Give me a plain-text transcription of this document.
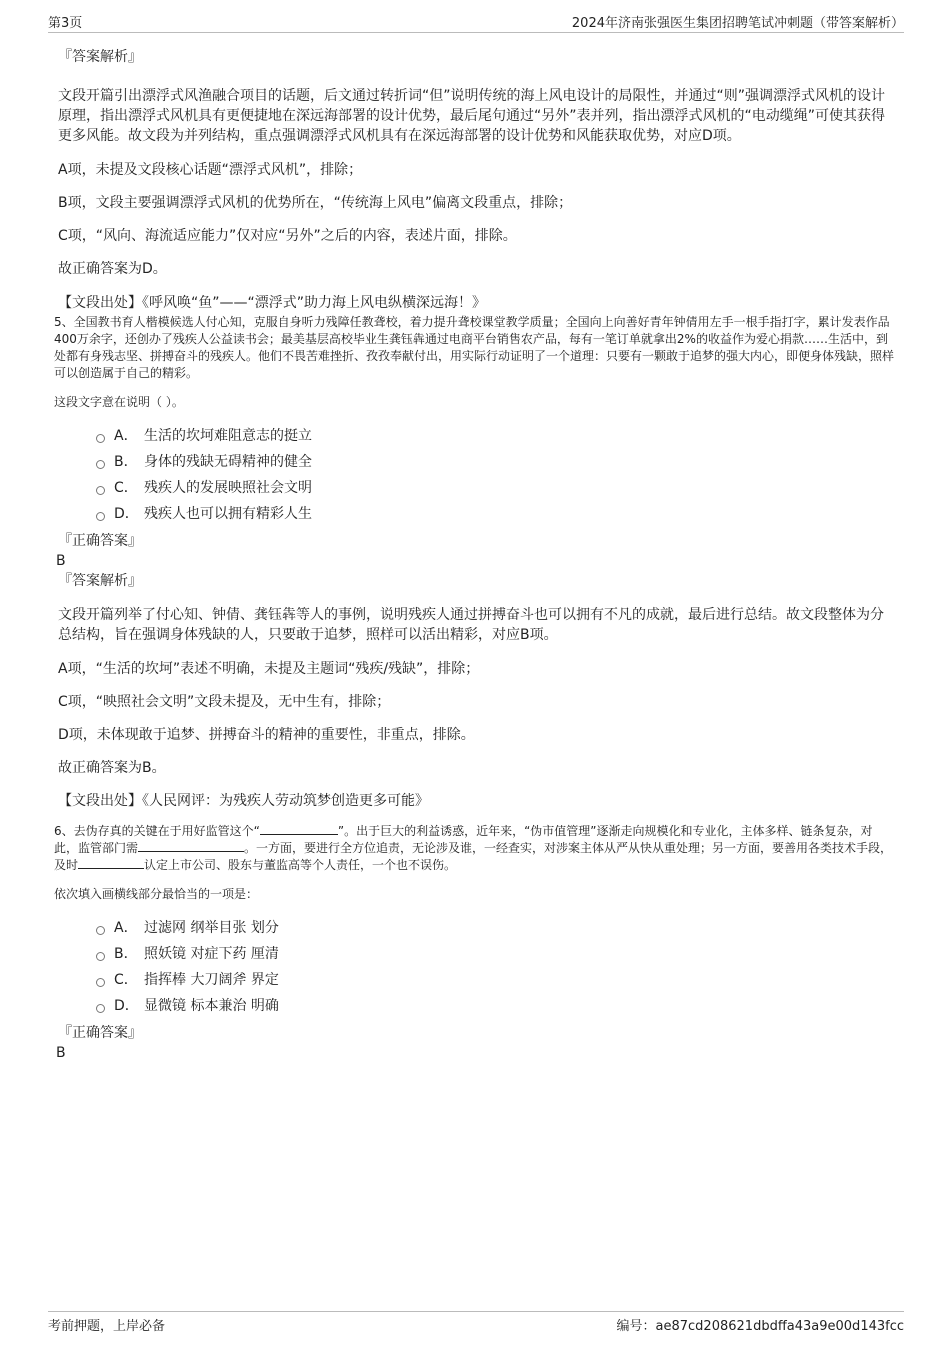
第3页	2024年济南张强医生集团招聘笔试冲刺题（带答案解析）
『答案解析』
文段开篇引出漂浮式风渔融合项目的话题，后文通过转折词“但”说明传统的海上风电设计的局限性，并通过“则”强调漂浮式风机的设计原理，指出漂浮式风机具有更便捷地在深远海部署的设计优势，最后尾句通过“另外”表并列，指出漂浮式风机的“电动缆绳”可使其获得更多风能。故文段为并列结构，重点强调漂浮式风机具有在深远海部署的设计优势和风能获取优势，对应D项。
A项，未提及文段核心话题“漂浮式风机”，排除；
B项，文段主要强调漂浮式风机的优势所在，“传统海上风电”偏离文段重点，排除；
C项，“风向、海流适应能力”仅对应“另外”之后的内容，表述片面，排除。
故正确答案为D。
【文段出处】《呼风唤“鱼”——“漂浮式”助力海上风电纵横深远海！》
5、全国教书育人楷模候选人付心知，克服自身听力残障任教聋校，着力提升聋校课堂教学质量；全国向上向善好青年钟倩用左手一根手指打字，累计发表作品400万余字，还创办了残疾人公益读书会；最美基层高校毕业生龚钰犇通过电商平台销售农产品，每有一笔订单就拿出2%的收益作为爱心捐款……生活中，到处都有身残志坚、拼搏奋斗的残疾人。他们不畏苦难挫折、孜孜奉献付出，用实际行动证明了一个道理：只要有一颗敢于追梦的强大内心，即便身体残缺，照样可以创造属于自己的精彩。
这段文字意在说明（ ）。
A． 生活的坎坷难阻意志的挺立
B． 身体的残缺无碍精神的健全
C． 残疾人的发展映照社会文明
D． 残疾人也可以拥有精彩人生
『正确答案』
B
『答案解析』
文段开篇列举了付心知、钟倩、龚钰犇等人的事例，说明残疾人通过拼搏奋斗也可以拥有不凡的成就，最后进行总结。故文段整体为分总结构，旨在强调身体残缺的人，只要敢于追梦，照样可以活出精彩，对应B项。
A项，“生活的坎坷”表述不明确，未提及主题词“残疾/残缺”，排除；
C项，“映照社会文明”文段未提及，无中生有，排除；
D项，未体现敢于追梦、拼搏奋斗的精神的重要性，非重点，排除。
故正确答案为B。
【文段出处】《人民网评：为残疾人劳动筑梦创造更多可能》
6、去伪存真的关键在于用好监管这个“	”。出于巨大的利益诱惑，近年来，“伪市值管理”逐渐走向规模化和专业化，主体多样、链条复杂，对此，监管部门需	。一方面，要进行全方位追责，无论涉及谁，一经查实，对涉案主体从严从快从重处理；另一方面，要善用各类技术手段，及时	认定上市公司、股东与董监高等个人责任，一个也不误伤。
依次填入画横线部分最恰当的一项是：
A． 过滤网 纲举目张 划分
B． 照妖镜 对症下药 厘清
C． 指挥棒 大刀阔斧 界定
D． 显微镜 标本兼治 明确
『正确答案』
B
考前押题，上岸必备	编号：ae87cd208621dbdffa43a9e00d143fcc
